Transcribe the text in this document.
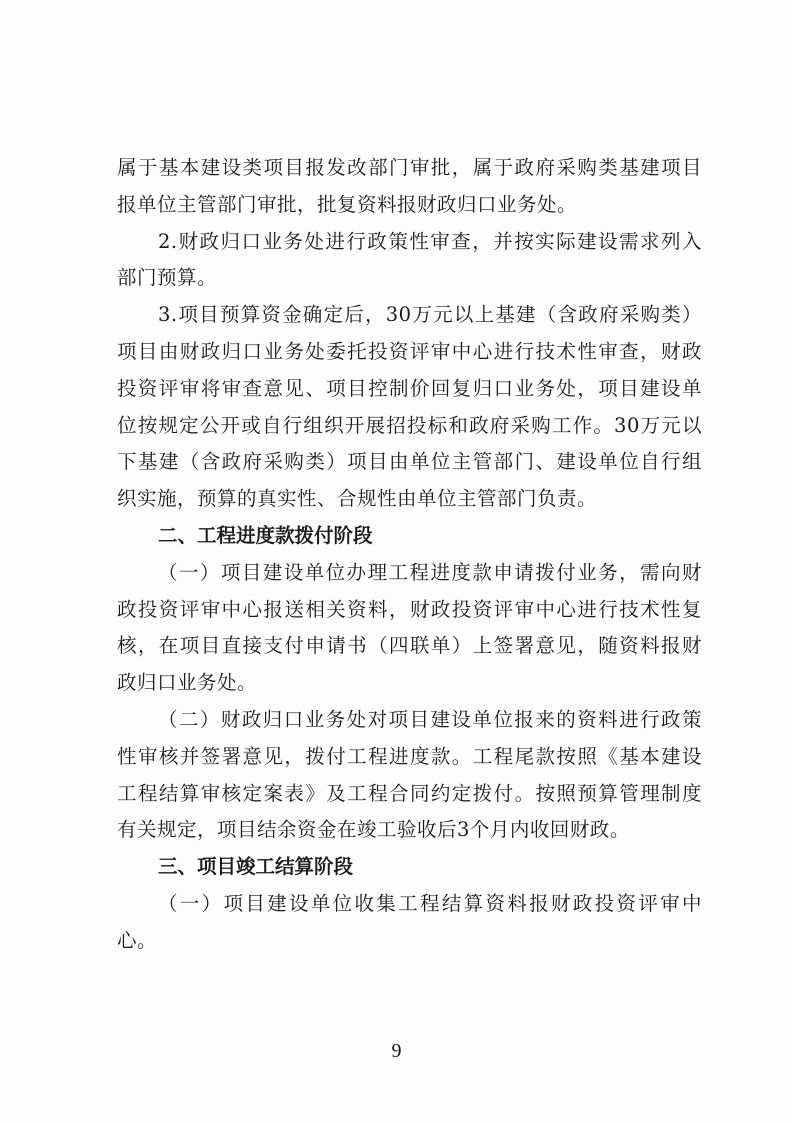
属于基本建设类项目报发改部门审批，属于政府采购类基建项目
报单位主管部门审批，批复资料报财政归口业务处。
2.财政归口业务处进行政策性审查，并按实际建设需求列入
部门预算。
3.项目预算资金确定后，30万元以上基建（含政府采购类）
项目由财政归口业务处委托投资评审中心进行技术性审查，财政
投资评审将审查意见、项目控制价回复归口业务处，项目建设单
位按规定公开或自行组织开展招投标和政府采购工作。30万元以
下基建（含政府采购类）项目由单位主管部门、建设单位自行组
织实施，预算的真实性、合规性由单位主管部门负责。
二、工程进度款拨付阶段
（一）项目建设单位办理工程进度款申请拨付业务，需向财
政投资评审中心报送相关资料，财政投资评审中心进行技术性复
核，在项目直接支付申请书（四联单）上签署意见，随资料报财
政归口业务处。
（二）财政归口业务处对项目建设单位报来的资料进行政策
性审核并签署意见，拨付工程进度款。工程尾款按照《基本建设
工程结算审核定案表》及工程合同约定拨付。按照预算管理制度
有关规定，项目结余资金在竣工验收后3个月内收回财政。
三、项目竣工结算阶段
（一）项目建设单位收集工程结算资料报财政投资评审中
心。
9
